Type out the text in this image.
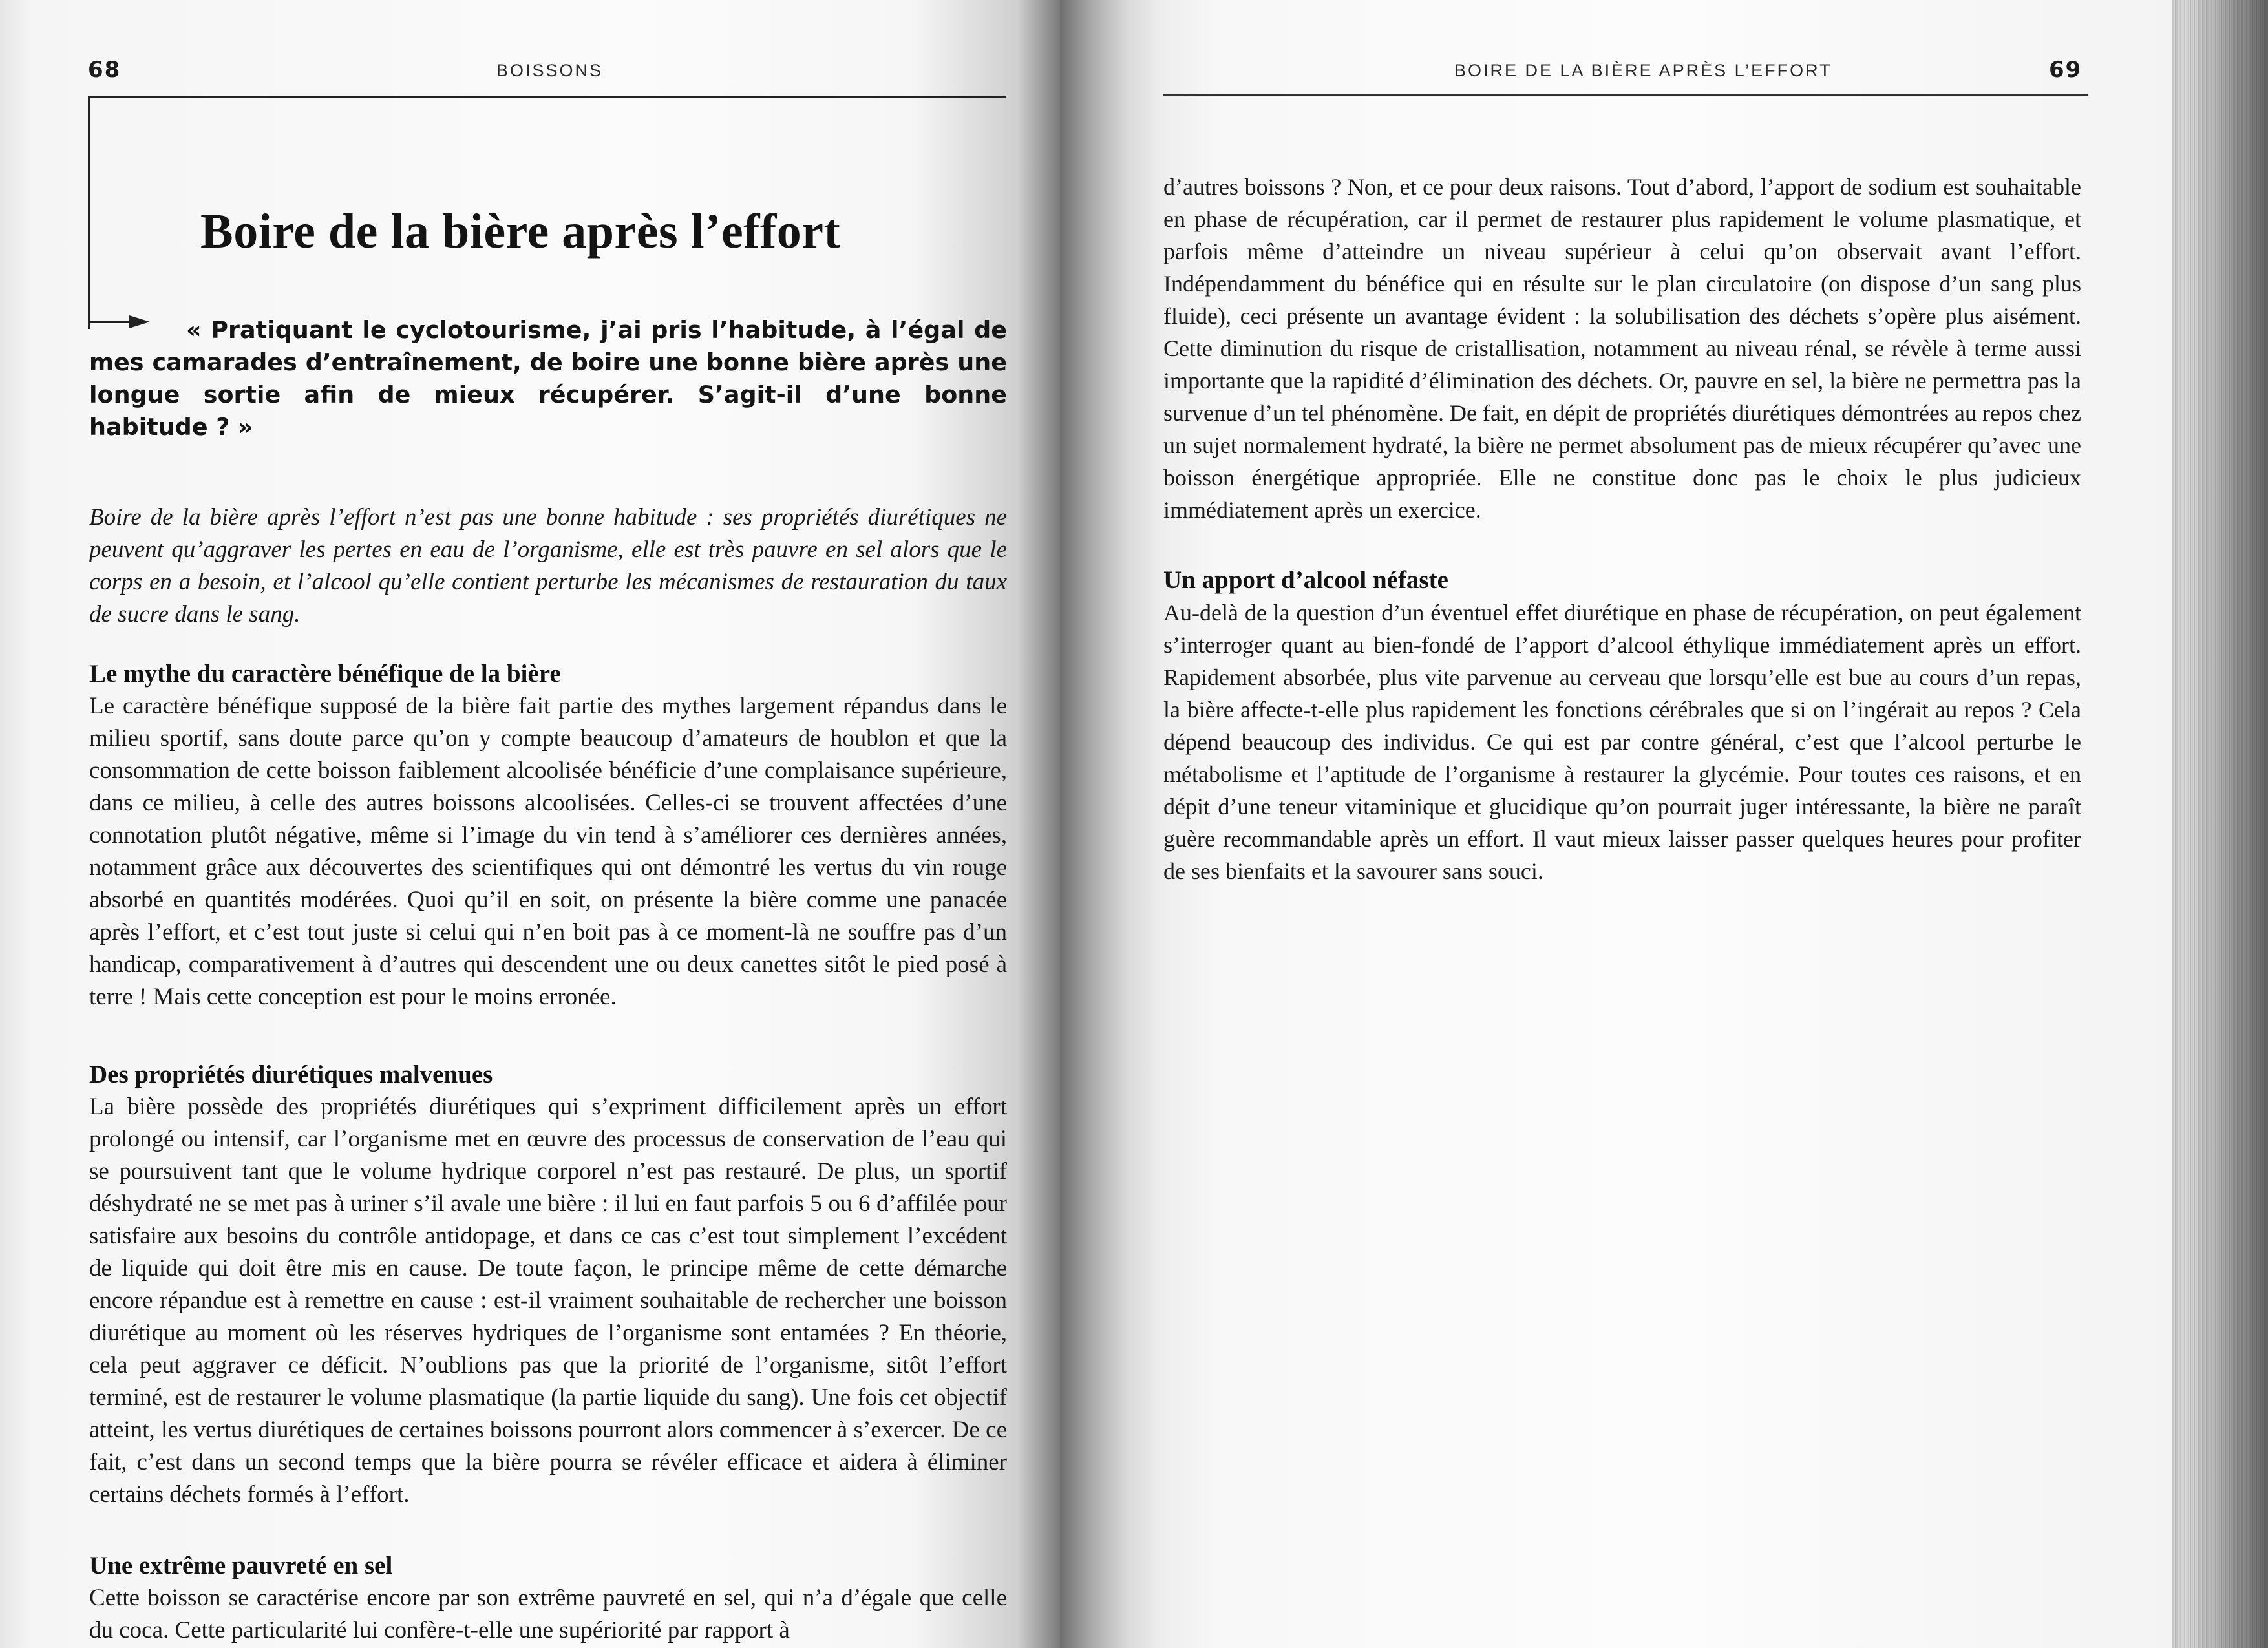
68	BOISSONS
Boire de la bière après l’effort

« Pratiquant le cyclotourisme, j’ai pris l’habitude, à l’égal de mes camarades d’entraînement, de boire une bonne bière après une longue sortie afin de mieux récupérer. S’agit-il d’une bonne habitude ? »

Boire de la bière après l’effort n’est pas une bonne habitude : ses propriétés diurétiques ne peuvent qu’aggraver les pertes en eau de l’organisme, elle est très pauvre en sel alors que le corps en a besoin, et l’alcool qu’elle contient perturbe les mécanismes de restauration du taux de sucre dans le sang.

Le mythe du caractère bénéfique de la bière

Le caractère bénéfique supposé de la bière fait partie des mythes largement répandus dans le milieu sportif, sans doute parce qu’on y compte beaucoup d’amateurs de houblon et que la consommation de cette boisson faiblement alcoolisée bénéficie d’une complaisance supérieure, dans ce milieu, à celle des autres boissons alcoolisées. Celles-ci se trouvent affectées d’une connotation plutôt négative, même si l’image du vin tend à s’améliorer ces dernières années, notamment grâce aux découvertes des scientifiques qui ont démontré les vertus du vin rouge absorbé en quantités modérées. Quoi qu’il en soit, on présente la bière comme une panacée après l’effort, et c’est tout juste si celui qui n’en boit pas à ce moment-là ne souffre pas d’un handicap, comparativement à d’autres qui descendent une ou deux canettes sitôt le pied posé à terre ! Mais cette conception est pour le moins erronée.

Des propriétés diurétiques malvenues

La bière possède des propriétés diurétiques qui s’expriment difficilement après un effort prolongé ou intensif, car l’organisme met en œuvre des processus de conservation de l’eau qui se poursuivent tant que le volume hydrique corporel n’est pas restauré. De plus, un sportif déshydraté ne se met pas à uriner s’il avale une bière : il lui en faut parfois 5 ou 6 d’affilée pour satisfaire aux besoins du contrôle antidopage, et dans ce cas c’est tout simplement l’excédent de liquide qui doit être mis en cause. De toute façon, le principe même de cette démarche encore répandue est à remettre en cause : est-il vraiment souhaitable de rechercher une boisson diurétique au moment où les réserves hydriques de l’organisme sont entamées ? En théorie, cela peut aggraver ce déficit. N’oublions pas que la priorité de l’organisme, sitôt l’effort terminé, est de restaurer le volume plasmatique (la partie liquide du sang). Une fois cet objectif atteint, les vertus diurétiques de certaines boissons pourront alors commencer à s’exercer. De ce fait, c’est dans un second temps que la bière pourra se révéler efficace et aidera à éliminer certains déchets formés à l’effort.

Une extrême pauvreté en sel

Cette boisson se caractérise encore par son extrême pauvreté en sel, qui n’a d’égale que celle du coca. Cette particularité lui confère-t-elle une supériorité par rapport à

BOIRE DE LA BIÈRE APRÈS L’EFFORT	69

d’autres boissons ? Non, et ce pour deux raisons. Tout d’abord, l’apport de sodium est souhaitable en phase de récupération, car il permet de restaurer plus rapidement le volume plasmatique, et parfois même d’atteindre un niveau supérieur à celui qu’on observait avant l’effort. Indépendamment du bénéfice qui en résulte sur le plan circulatoire (on dispose d’un sang plus fluide), ceci présente un avantage évident : la solubilisation des déchets s’opère plus aisément. Cette diminution du risque de cristallisation, notamment au niveau rénal, se révèle à terme aussi importante que la rapidité d’élimination des déchets. Or, pauvre en sel, la bière ne permettra pas la survenue d’un tel phénomène. De fait, en dépit de propriétés diurétiques démontrées au repos chez un sujet normalement hydraté, la bière ne permet absolument pas de mieux récupérer qu’avec une boisson énergétique appropriée. Elle ne constitue donc pas le choix le plus judicieux immédiatement après un exercice.

Un apport d’alcool néfaste

Au-delà de la question d’un éventuel effet diurétique en phase de récupération, on peut également s’interroger quant au bien-fondé de l’apport d’alcool éthylique immédiatement après un effort. Rapidement absorbée, plus vite parvenue au cerveau que lorsqu’elle est bue au cours d’un repas, la bière affecte-t-elle plus rapidement les fonctions cérébrales que si on l’ingérait au repos ? Cela dépend beaucoup des individus. Ce qui est par contre général, c’est que l’alcool perturbe le métabolisme et l’aptitude de l’organisme à restaurer la glycémie. Pour toutes ces raisons, et en dépit d’une teneur vitaminique et glucidique qu’on pourrait juger intéressante, la bière ne paraît guère recommandable après un effort. Il vaut mieux laisser passer quelques heures pour profiter de ses bienfaits et la savourer sans souci.
